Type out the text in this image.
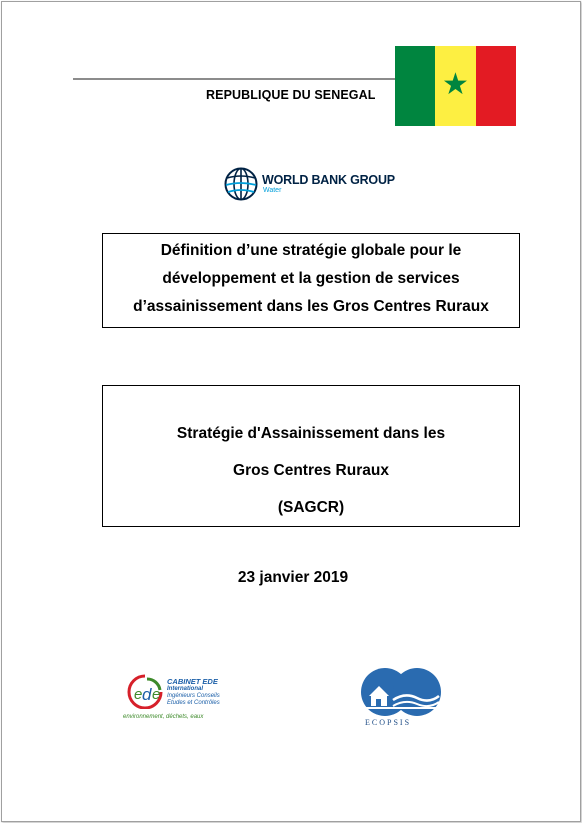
REPUBLIQUE DU SENEGAL ★
WORLD BANK GROUP
Water
Définition d’une stratégie globale pour le
développement et la gestion de services
d’assainissement dans les Gros Centres Ruraux
Stratégie d'Assainissement dans les
Gros Centres Ruraux
(SAGCR)
23 janvier 2019
e d e
CABINET EDE
International
Ingénieurs Conseils
Etudes et Contrôles
environnement, déchets, eaux
ECOPSIS
